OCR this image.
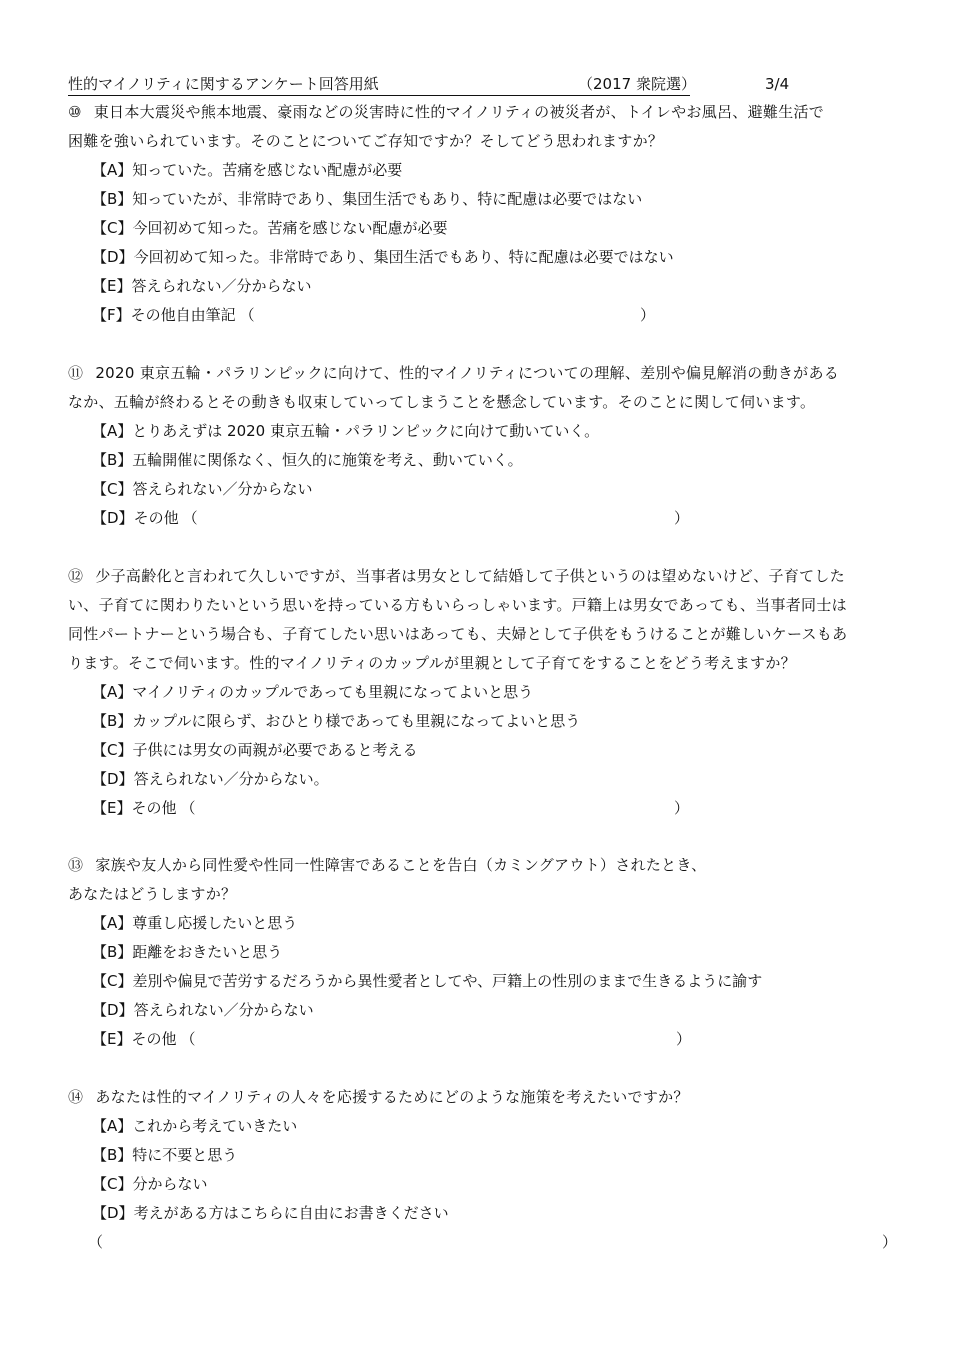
性的マイノリティに関するアンケート回答用紙	（2017 衆院選）	3/4

⑩ 東日本大震災や熊本地震、豪雨などの災害時に性的マイノリティの被災者が、トイレやお風呂、避難生活で
困難を強いられています。そのことについてご存知ですか？そしてどう思われますか？

【A】知っていた。苦痛を感じない配慮が必要
【B】知っていたが、非常時であり、集団生活でもあり、特に配慮は必要ではない
【C】今回初めて知った。苦痛を感じない配慮が必要
【D】今回初めて知った。非常時であり、集団生活でもあり、特に配慮は必要ではない
【E】答えられない／分からない
【F】その他自由筆記 （	）

⑪ 2020 東京五輪・パラリンピックに向けて、性的マイノリティについての理解、差別や偏見解消の動きがある
なか、五輪が終わるとその動きも収束していってしまうことを懸念しています。そのことに関して伺います。

【A】とりあえずは 2020 東京五輪・パラリンピックに向けて動いていく。
【B】五輪開催に関係なく、恒久的に施策を考え、動いていく。
【C】答えられない／分からない
【D】その他 （	）

⑫ 少子高齢化と言われて久しいですが、当事者は男女として結婚して子供というのは望めないけど、子育てした
い、子育てに関わりたいという思いを持っている方もいらっしゃいます。戸籍上は男女であっても、当事者同士は
同性パートナーという場合も、子育てしたい思いはあっても、夫婦として子供をもうけることが難しいケースもあ
ります。そこで伺います。性的マイノリティのカップルが里親として子育てをすることをどう考えますか？

【A】マイノリティのカップルであっても里親になってよいと思う
【B】カップルに限らず、おひとり様であっても里親になってよいと思う
【C】子供には男女の両親が必要であると考える
【D】答えられない／分からない。
【E】その他 （	）

⑬ 家族や友人から同性愛や性同一性障害であることを告白（カミングアウト）されたとき、
あなたはどうしますか？

【A】尊重し応援したいと思う
【B】距離をおきたいと思う
【C】差別や偏見で苦労するだろうから異性愛者としてや、戸籍上の性別のままで生きるように諭す
【D】答えられない／分からない
【E】その他 （	）

⑭ あなたは性的マイノリティの人々を応援するためにどのような施策を考えたいですか？

【A】これから考えていきたい
【B】特に不要と思う
【C】分からない
【D】考えがある方はこちらに自由にお書きください
（	）
